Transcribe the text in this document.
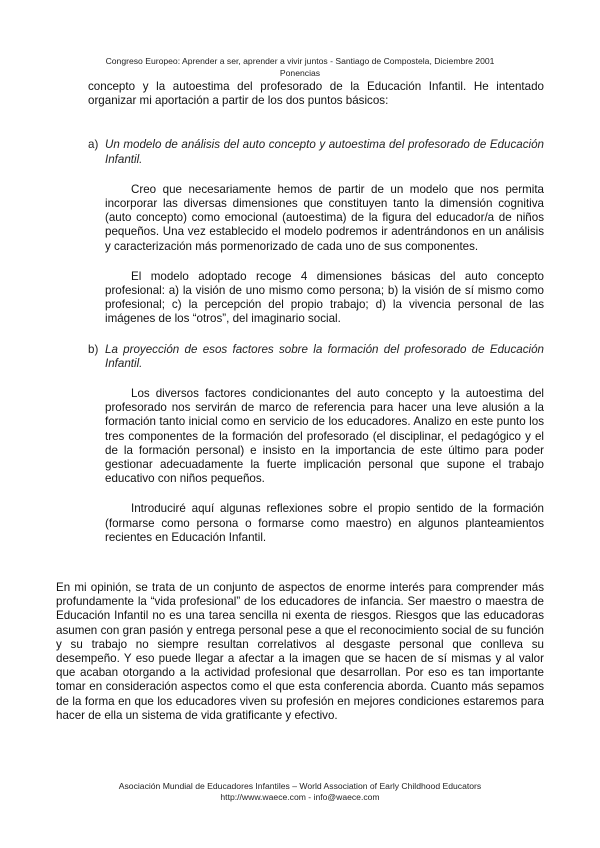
Congreso Europeo: Aprender a ser, aprender a vivir juntos - Santiago de Compostela, Diciembre 2001
Ponencias

concepto y la autoestima del profesorado de la Educación Infantil. He intentado organizar mi aportación a partir de los dos puntos básicos:

a) Un modelo de análisis del auto concepto y autoestima del profesorado de Educación Infantil.

Creo que necesariamente hemos de partir de un modelo que nos permita incorporar las diversas dimensiones que constituyen tanto la dimensión cognitiva (auto concepto) como emocional (autoestima) de la figura del educador/a de niños pequeños. Una vez establecido el modelo podremos ir adentrándonos en un análisis y caracterización más pormenorizado de cada uno de sus componentes.

El modelo adoptado recoge 4 dimensiones básicas del auto concepto profesional: a) la visión de uno mismo como persona; b) la visión de sí mismo como profesional; c) la percepción del propio trabajo; d) la vivencia personal de las imágenes de los “otros”, del imaginario social.

b) La proyección de esos factores sobre la formación del profesorado de Educación Infantil.

Los diversos factores condicionantes del auto concepto y la autoestima del profesorado nos servirán de marco de referencia para hacer una leve alusión a la formación tanto inicial como en servicio de los educadores. Analizo en este punto los tres componentes de la formación del profesorado (el disciplinar, el pedagógico y el de la formación personal) e insisto en la importancia de este último para poder gestionar adecuadamente la fuerte implicación personal que supone el trabajo educativo con niños pequeños.

Introduciré aquí algunas reflexiones sobre el propio sentido de la formación (formarse como persona o formarse como maestro) en algunos planteamientos recientes en Educación Infantil.

En mi opinión, se trata de un conjunto de aspectos de enorme interés para comprender más profundamente la “vida profesional” de los educadores de infancia. Ser maestro o maestra de Educación Infantil no es una tarea sencilla ni exenta de riesgos. Riesgos que las educadoras asumen con gran pasión y entrega personal pese a que el reconocimiento social de su función y su trabajo no siempre resultan correlativos al desgaste personal que conlleva su desempeño. Y eso puede llegar a afectar a la imagen que se hacen de sí mismas y al valor que acaban otorgando a la actividad profesional que desarrollan. Por eso es tan importante tomar en consideración aspectos como el que esta conferencia aborda. Cuanto más sepamos de la forma en que los educadores viven su profesión en mejores condiciones estaremos para hacer de ella un sistema de vida gratificante y efectivo.

Asociación Mundial de Educadores Infantiles – World Association of Early Childhood Educators
http://www.waece.com - info@waece.com
